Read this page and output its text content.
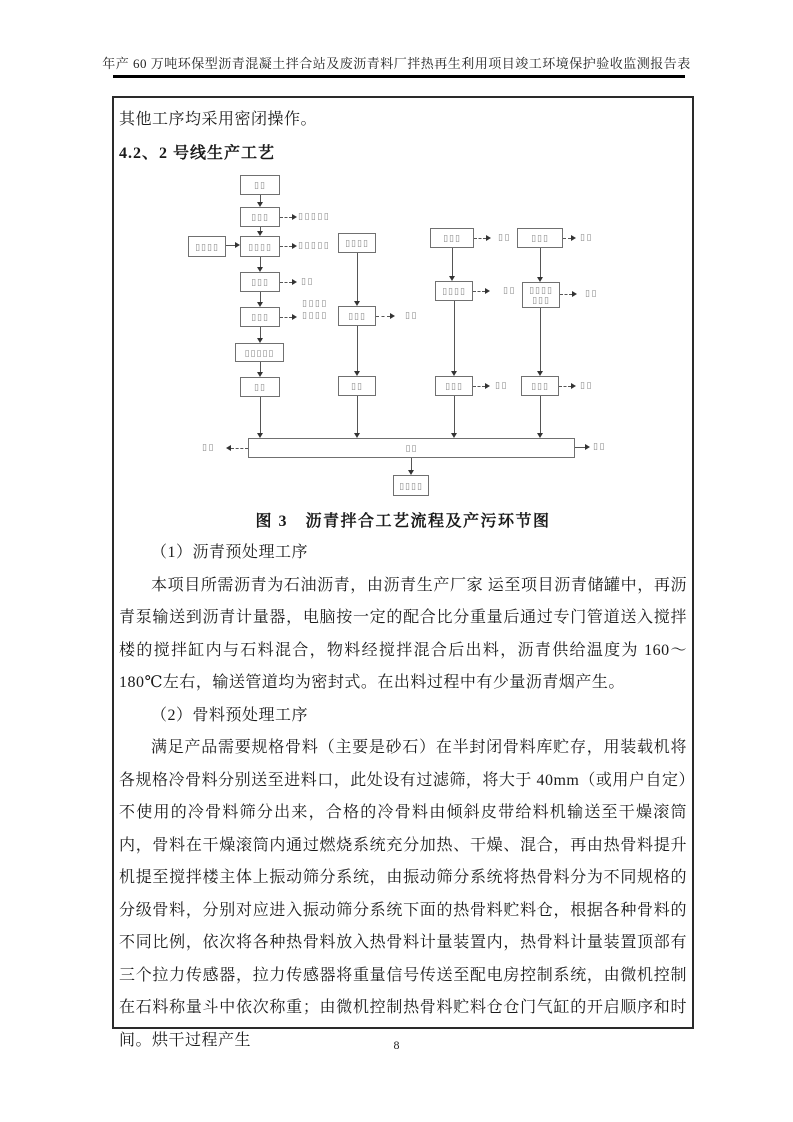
年产 60 万吨环保型沥青混凝土拌合站及废沥青料厂拌热再生利用项目竣工环境保护验收监测报告表

其他工序均采用密闭操作。

4.2、2 号线生产工艺
▯▯
▯▯▯
▯▯▯▯	▯▯▯▯
▯▯▯
▯▯▯
▯▯▯▯▯
▯▯
▯▯▯▯
▯▯▯
▯▯
▯▯▯
▯▯▯▯
▯▯▯
▯▯▯
▯▯▯▯
▯▯▯
▯▯▯
▯▯
▯▯▯▯
▯▯▯▯▯
▯▯▯▯▯
▯▯
▯▯▯▯
▯▯▯▯	▯▯
▯▯
▯▯
▯▯
▯▯
▯▯
▯▯
▯▯	▯▯
图 3　沥青拌合工艺流程及产污环节图

（1）沥青预处理工序

本项目所需沥青为石油沥青，由沥青生产厂家 运至项目沥青储罐中，再沥青泵输送到沥青计量器，电脑按一定的配合比分重量后通过专门管道送入搅拌楼的搅拌缸内与石料混合，物料经搅拌混合后出料，沥青供给温度为 160～180℃左右，输送管道均为密封式。在出料过程中有少量沥青烟产生。

（2）骨料预处理工序

满足产品需要规格骨料（主要是砂石）在半封闭骨料库贮存，用装载机将各规格冷骨料分别送至进料口，此处设有过滤筛，将大于 40mm（或用户自定）不使用的冷骨料筛分出来，合格的冷骨料由倾斜皮带给料机输送至干燥滚筒内，骨料在干燥滚筒内通过燃烧系统充分加热、干燥、混合，再由热骨料提升机提至搅拌楼主体上振动筛分系统，由振动筛分系统将热骨料分为不同规格的分级骨料，分别对应进入振动筛分系统下面的热骨料贮料仓，根据各种骨料的不同比例，依次将各种热骨料放入热骨料计量装置内，热骨料计量装置顶部有三个拉力传感器，拉力传感器将重量信号传送至配电房控制系统，由微机控制在石料称量斗中依次称重；由微机控制热骨料贮料仓仓门气缸的开启顺序和时间。烘干过程产生	8
